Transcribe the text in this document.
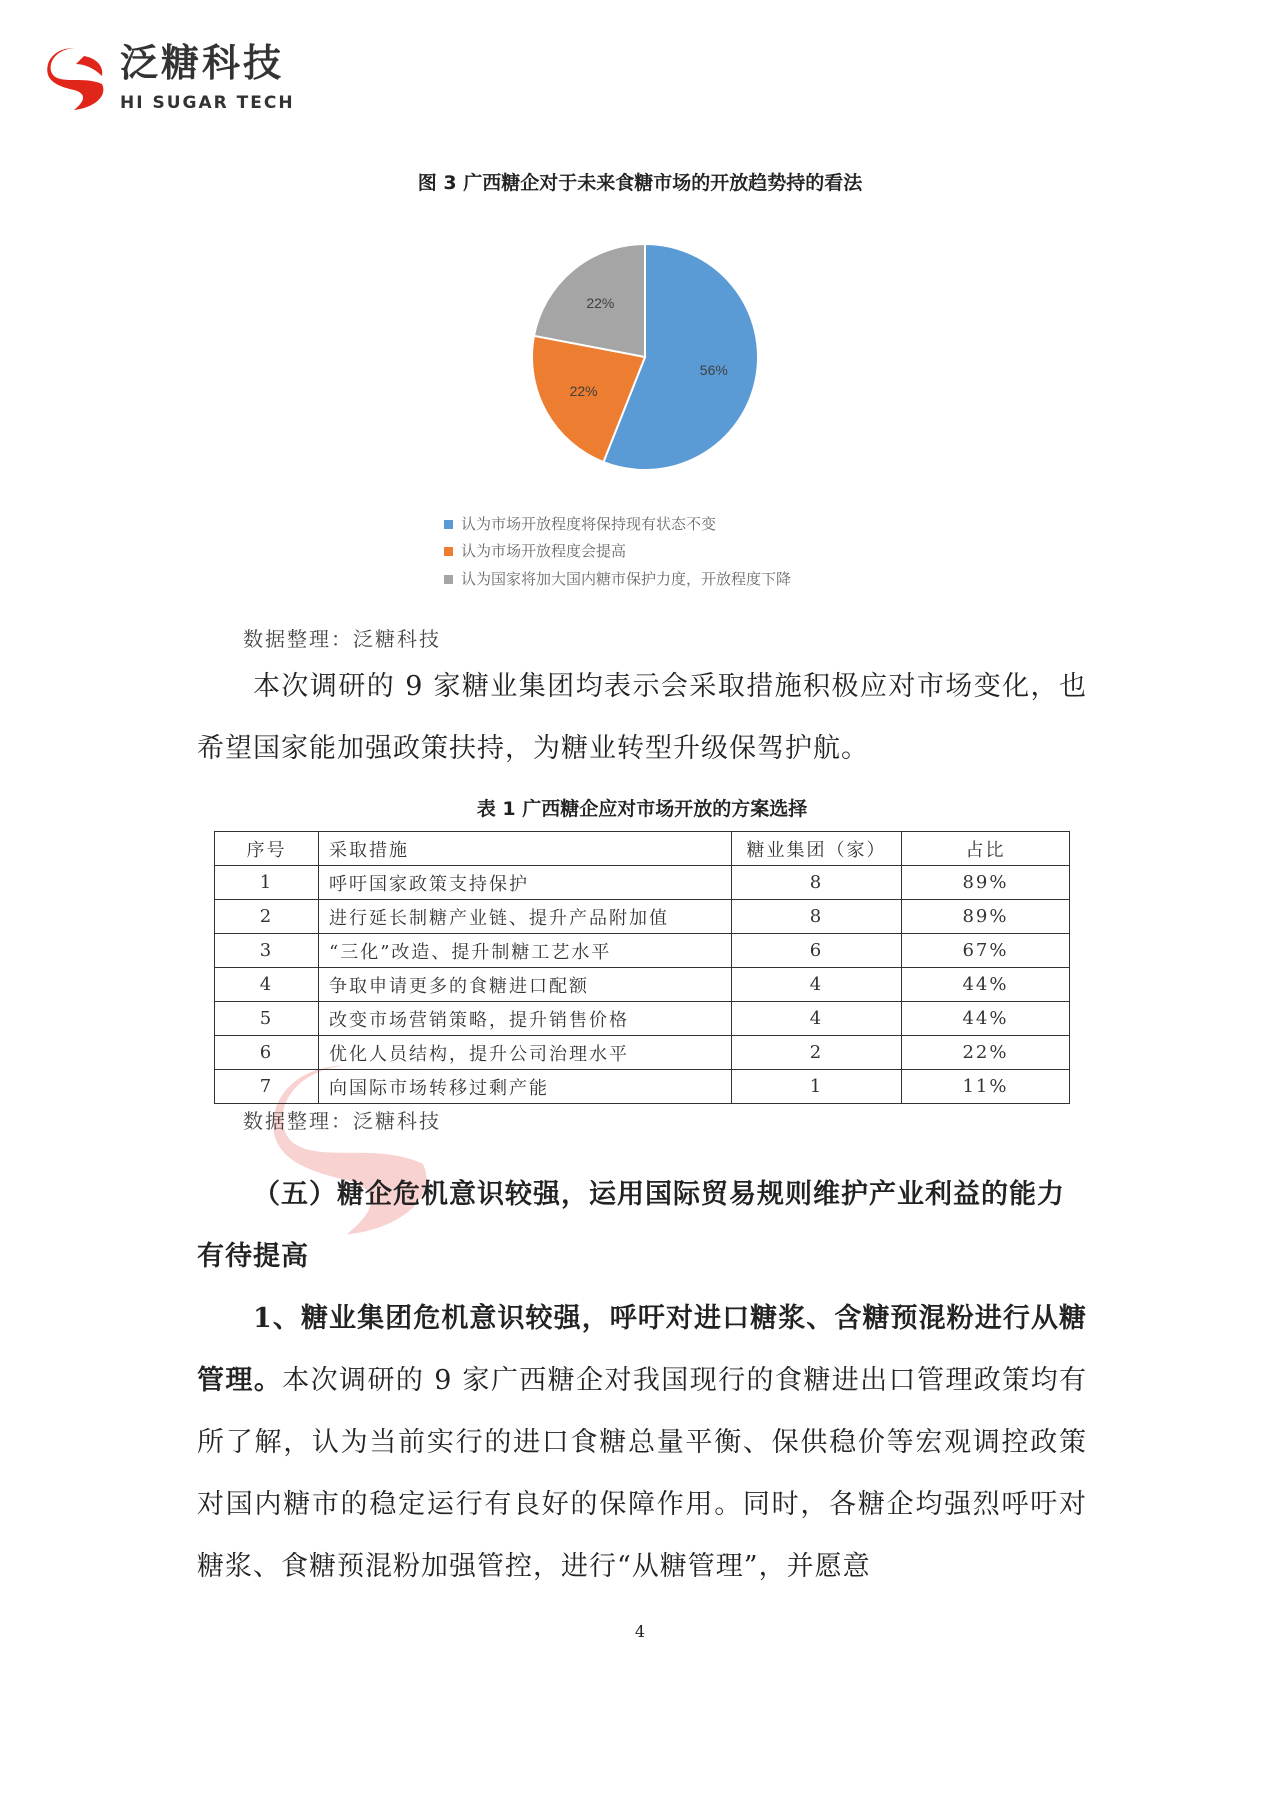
泛糖科技
HI SUGAR TECH
图 3 广西糖企对于未来食糖市场的开放趋势持的看法
56%
22%
22%
认为市场开放程度将保持现有状态不变
认为市场开放程度会提高
认为国家将加大国内糖市保护力度，开放程度下降
数据整理：泛糖科技
本次调研的 9 家糖业集团均表示会采取措施积极应对市场变化，也希望国家能加强政策扶持，为糖业转型升级保驾护航。
表 1 广西糖企应对市场开放的方案选择
序号	采取措施	糖业集团（家）	占比
1	呼吁国家政策支持保护	8	89%
2	进行延长制糖产业链、提升产品附加值	8	89%
3	“三化”改造、提升制糖工艺水平	6	67%
4	争取申请更多的食糖进口配额	4	44%
5	改变市场营销策略，提升销售价格	4	44%
6	优化人员结构，提升公司治理水平	2	22%
7	向国际市场转移过剩产能	1	11%
数据整理：泛糖科技
（五）糖企危机意识较强，运用国际贸易规则维护产业利益的能力有待提高
1、糖业集团危机意识较强，呼吁对进口糖浆、含糖预混粉进行从糖管理。本次调研的 9 家广西糖企对我国现行的食糖进出口管理政策均有所了解，认为当前实行的进口食糖总量平衡、保供稳价等宏观调控政策对国内糖市的稳定运行有良好的保障作用。同时，各糖企均强烈呼吁对糖浆、食糖预混粉加强管控，进行“从糖管理”，并愿意
4
